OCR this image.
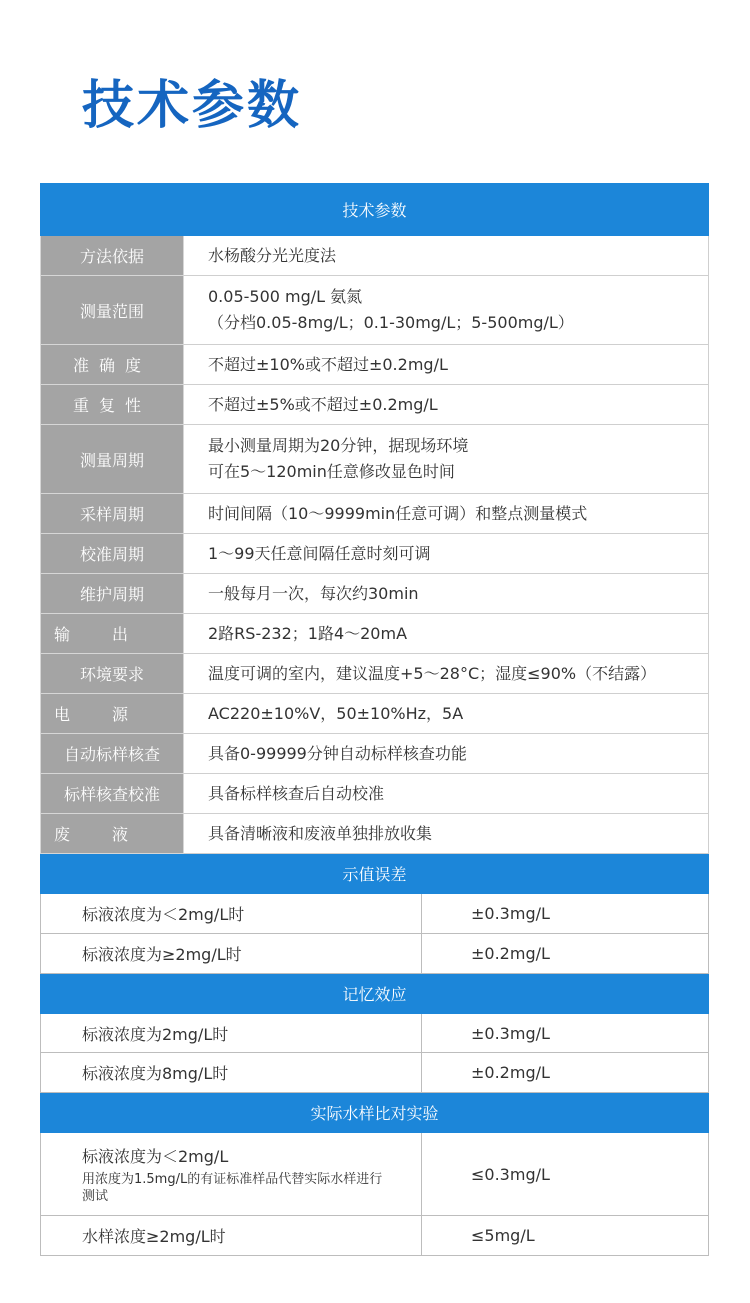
技术参数
技术参数		
方法依据	水杨酸分光光度法	

测量范围	0.05-500 mg/L 氨氮
（分档0.05-8mg/L；0.1-30mg/L；5-500mg/L）	

准确度	不超过±10%或不超过±0.2mg/L	

重复性	不超过±5%或不超过±0.2mg/L	

测量周期	最小测量周期为20分钟，据现场环境
可在5～120min任意修改显色时间	

采样周期	时间间隔（10～9999min任意可调）和整点测量模式	

校准周期	1～99天任意间隔任意时刻可调	

维护周期	一般每月一次，每次约30min	

输出	2路RS-232；1路4～20mA	

环境要求	温度可调的室内，建议温度+5～28°C；湿度≤90%（不结露）	

电源	AC220±10%V，50±10%Hz，5A	

自动标样核查	具备0-99999分钟自动标样核查功能	

标样核查校准	具备标样核查后自动校准	

废液	具备清晰液和废液单独排放收集	

示值误差		
标液浓度为＜2mg/L时		±0.3mg/L
标液浓度为≥2mg/L时		±0.2mg/L
记忆效应		
标液浓度为2mg/L时		±0.3mg/L
标液浓度为8mg/L时		±0.2mg/L
实际水样比对实验		

标液浓度为＜2mg/L
用浓度为1.5mg/L的有证标准样品代替实际水样进行测试		≤0.3mg/L
水样浓度≥2mg/L时		≤5mg/L
